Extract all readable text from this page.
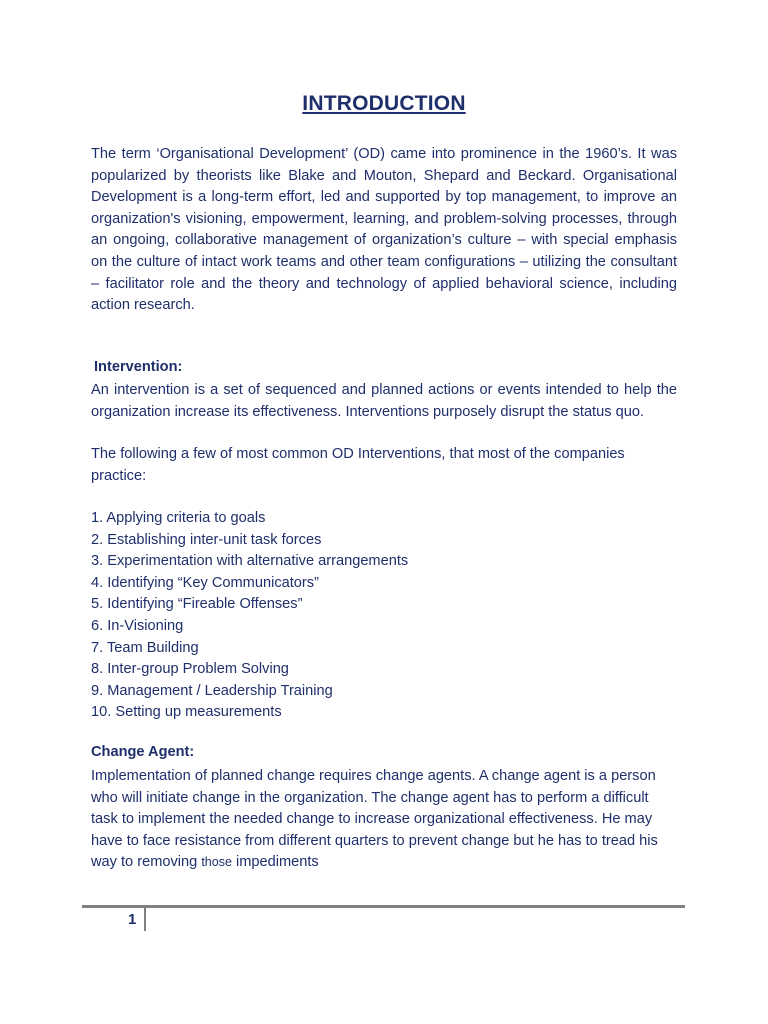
INTRODUCTION
The term ‘Organisational Development’ (OD) came into prominence in the 1960’s. It was popularized by theorists like Blake and Mouton, Shepard and Beckard. Organisational Development is a long-term effort, led and supported by top management, to improve an organization's visioning, empowerment, learning, and problem-solving processes, through an ongoing, collaborative management of organization’s culture – with special emphasis on the culture of intact work teams and other team configurations – utilizing the consultant – facilitator role and the theory and technology of applied behavioral science, including action research.
Intervention:
An intervention is a set of sequenced and planned actions or events intended to help the organization increase its effectiveness. Interventions purposely disrupt the status quo.
The following a few of most common OD Interventions, that most of the companies practice:
1. Applying criteria to goals
2. Establishing inter-unit task forces
3. Experimentation with alternative arrangements
4. Identifying “Key Communicators”
5. Identifying “Fireable Offenses”
6. In-Visioning
7. Team Building
8. Inter-group Problem Solving
9. Management / Leadership Training
10. Setting up measurements
Change Agent:
Implementation of planned change requires change agents. A change agent is a person who will initiate change in the organization. The change agent has to perform a difficult task to implement the needed change to increase organizational effectiveness. He may have to face resistance from different quarters to prevent change but he has to tread his way to removing those impediments
1
